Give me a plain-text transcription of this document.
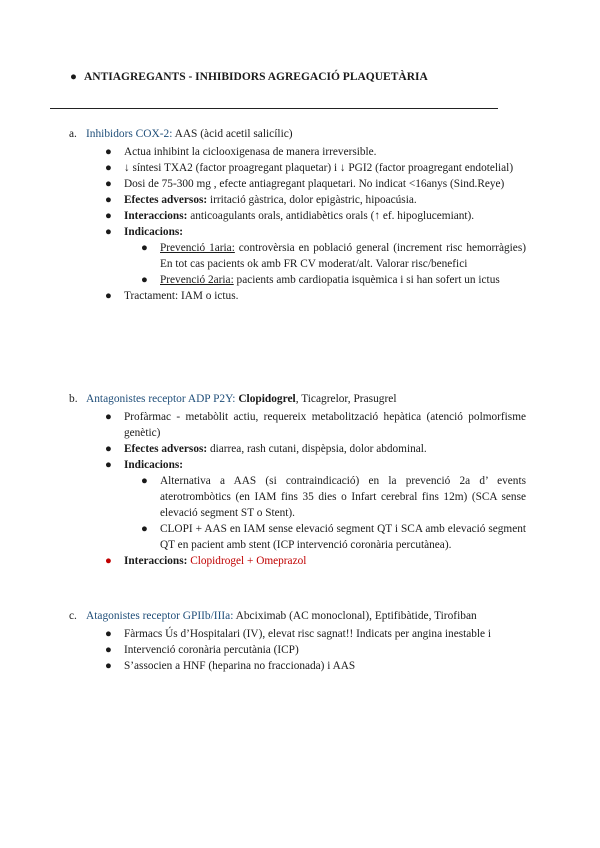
● ANTIAGREGANTS - INHIBIDORS AGREGACIÓ PLAQUETÀRIA
a. Inhibidors COX-2: AAS (àcid acetil salicílic)
● Actua inhibint la ciclooxigenasa de manera irreversible.
● ↓ síntesi TXA2 (factor proagregant plaquetar) i ↓ PGI2 (factor proagregant endotelial)
● Dosi de 75-300 mg , efecte antiagregant plaquetari. No indicat <16anys (Sind.Reye)
● Efectes adversos: irritació gàstrica, dolor epigàstric, hipoacúsia.
● Interaccions: anticoagulants orals, antidiabètics orals (↑ ef. hipoglucemiant).
● Indicacions:
● Prevenció 1aria: controvèrsia en població general (increment risc hemorràgies) En tot cas pacients ok amb FR CV moderat/alt. Valorar risc/benefici
● Prevenció 2aria: pacients amb cardiopatia isquèmica i si han sofert un ictus
● Tractament: IAM o ictus.
b. Antagonistes receptor ADP P2Y: Clopidogrel, Ticagrelor, Prasugrel
● Profàrmac - metabòlit actiu, requereix metabolització hepàtica (atenció polmorfisme genètic)
● Efectes adversos: diarrea, rash cutani, dispèpsia, dolor abdominal.
● Indicacions:
● Alternativa a AAS (si contraindicació) en la prevenció 2a d’ events aterotrombòtics (en IAM fins 35 dies o Infart cerebral fins 12m) (SCA sense elevació segment ST o Stent).
● CLOPI + AAS en IAM sense elevació segment QT i SCA amb elevació segment QT en pacient amb stent (ICP intervenció coronària percutànea).
● Interaccions: Clopidrogel + Omeprazol
c. Atagonistes receptor GPIIb/IIIa: Abciximab (AC monoclonal), Eptifibàtide, Tirofiban
● Fàrmacs Ús d’Hospitalari (IV), elevat risc sagnat!! Indicats per angina inestable i
● Intervenció coronària percutània (ICP)
● S’associen a HNF (heparina no fraccionada) i AAS
